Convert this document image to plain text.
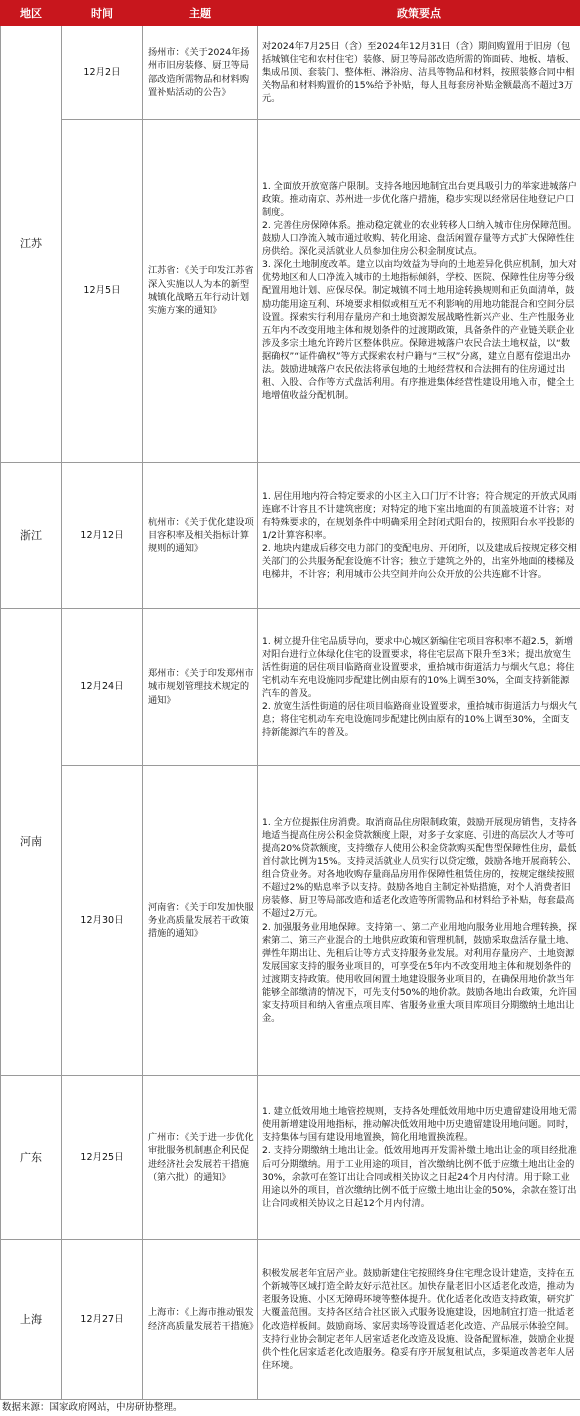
地区	时间	主题	政策要点
江苏	12月2日	扬州市：《关于2024年扬州市旧房装修、厨卫等局部改造所需物品和材料购置补贴活动的公告》	对2024年7月25日（含）至2024年12月31日（含）期间购置用于旧房（包括城镇住宅和农村住宅）装修、厨卫等局部改造所需的饰面砖、地板、墙板、集成吊顶、套装门、整体柜、淋浴房、洁具等物品和材料，按照装修合同中相关物品和材料购置价的15%给予补贴，每人且每套房补贴金额最高不超过3万元。

	12月5日	江苏省：《关于印发江苏省深入实施以人为本的新型城镇化战略五年行动计划实施方案的通知》	1. 全面放开放宽落户限制。支持各地因地制宜出台更具吸引力的举家进城落户政策。推动南京、苏州进一步优化落户措施，稳步实现以经常居住地登记户口制度。
2. 完善住房保障体系。推动稳定就业的农业转移人口纳入城市住房保障范围。鼓励人口净流入城市通过收购、转化用途、盘活闲置存量等方式扩大保障性住房供给。深化灵活就业人员参加住房公积金制度试点。
3. 深化土地制度改革。建立以亩均效益为导向的土地差异化供应机制，加大对优势地区和人口净流入城市的土地指标倾斜，学校、医院、保障性住房等分级配置用地计划、应保尽保。制定城镇不同土地用途转换规则和正负面清单，鼓励功能用途互利、环境要求相似或相互无不利影响的用地功能混合和空间分层设置。探索实行利用存量房产和土地资源发展战略性新兴产业、生产性服务业五年内不改变用地主体和规划条件的过渡期政策，具备条件的产业链关联企业涉及多宗土地允许跨片区整体供应。保障进城落户农民合法土地权益，以“数据确权”“证件确权”等方式探索农村户籍与“三权”分离，建立自愿有偿退出办法。鼓励进城落户农民依法将承包地的土地经营权和合法拥有的住房通过出租、入股、合作等方式盘活利用。有序推进集体经营性建设用地入市，健全土地增值收益分配机制。

浙江	12月12日	杭州市：《关于优化建设项目容积率及相关指标计算规则的通知》	1. 居住用地内符合特定要求的小区主入口门厅不计容；符合规定的开放式风雨连廊不计容且不计建筑密度；对特定的地下室出地面的有顶盖坡道不计容；对有特殊要求的，在规划条件中明确采用全封闭式阳台的，按照阳台水平投影的1/2计算容积率。
2. 地块内建成后移交电力部门的变配电房、开闭所，以及建成后按规定移交相关部门的公共服务配套设施不计容；独立于建筑之外的，出室外地面的楼梯及电梯井，不计容；利用城市公共空间并向公众开放的公共连廊不计容。

河南	12月24日	郑州市：《关于印发郑州市城市规划管理技术规定的通知》	1. 树立提升住宅品质导向，要求中心城区新编住宅项目容积率不超2.5，新增对阳台进行立体绿化住宅的设置要求，将住宅层高下限升至3米；提出放宽生活性街道的居住项目临路商业设置要求，重拾城市街道活力与烟火气息；将住宅机动车充电设施同步配建比例由原有的10%上调至30%，全面支持新能源汽车的普及。
2. 放宽生活性街道的居住项目临路商业设置要求，重拾城市街道活力与烟火气息；将住宅机动车充电设施同步配建比例由原有的10%上调至30%，全面支持新能源汽车的普及。

	12月30日	河南省：《关于印发加快服务业高质量发展若干政策措施的通知》	1. 全方位提振住房消费。取消商品住房限制政策，鼓励开展现房销售，支持各地适当提高住房公积金贷款额度上限，对多子女家庭、引进的高层次人才等可提高20%贷款额度，支持缴存人使用公积金贷款购买配售型保障性住房，最低首付款比例为15%。支持灵活就业人员实行以贷定缴，鼓励各地开展商转公、组合贷业务。对各地收购存量商品房用作保障性租赁住房的，按规定继续按照不超过2%的贴息率予以支持。鼓励各地自主制定补贴措施，对个人消费者旧房装修、厨卫等局部改造和适老化改造等所需物品和材料给予补贴，每套最高不超过2万元。
2. 加强服务业用地保障。支持第一、第二产业用地向服务业用地合理转换，探索第二、第三产业混合的土地供应政策和管理机制，鼓励采取盘活存量土地、弹性年期出让、先租后让等方式支持服务业发展。对利用存量房产、土地资源发展国家支持的服务业项目的，可享受在5年内不改变用地主体和规划条件的过渡期支持政策。使用收回闲置土地建设服务业项目的，在确保用地价款当年能够全部缴清的情况下，可先支付50%的地价款。鼓励各地出台政策，允许国家支持项目和纳入省重点项目库、省服务业重大项目库项目分期缴纳土地出让金。

广东	12月25日	广州市：《关于进一步优化审批服务机制惠企利民促进经济社会发展若干措施（第六批）的通知》	1. 建立低效用地土地管控规则，支持各处理低效用地中历史遗留建设用地无需使用新增建设用地指标，推动解决低效用地中历史遗留建设用地问题。同时，支持集体与国有建设用地置换，简化用地置换流程。
2. 支持分期缴纳土地出让金。低效用地再开发需补缴土地出让金的项目经批准后可分期缴纳。用于工业用途的项目，首次缴纳比例不低于应缴土地出让金的30%，余款可在签订出让合同或相关协议之日起24个月内付清。用于除工业用途以外的项目，首次缴纳比例不低于应缴土地出让金的50%，余款在签订出让合同或相关协议之日起12个月内付清。

上海	12月27日	上海市：《上海市推动银发经济高质量发展若干措施》	积极发展老年宜居产业。鼓励新建住宅按照终身住宅理念设计建造，支持在五个新城等区域打造全龄友好示范社区。加快存量老旧小区适老化改造，推动为老服务设施、小区无障碍环境等整体提升。优化适老化改造支持政策，研究扩大覆盖范围。支持各区结合社区嵌入式服务设施建设，因地制宜打造一批适老化改造样板间。鼓励商场、家居卖场等设置适老化改造、产品展示体验空间。支持行业协会制定老年人居室适老化改造及设施、设备配置标准，鼓励企业提供个性化居家适老化改造服务。稳妥有序开展复租试点，多渠道改善老年人居住环境。
数据来源：国家政府网站，中房研协整理。
